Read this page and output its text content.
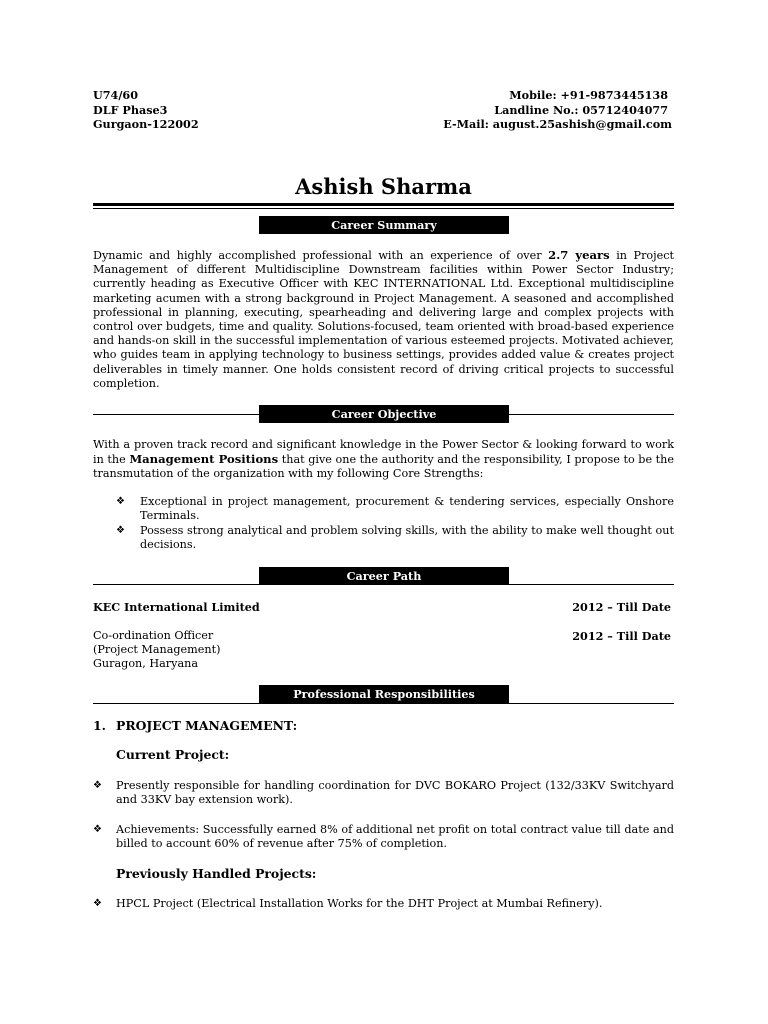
U74/60
DLF Phase3
Gurgaon-122002
Mobile: +91-9873445138
Landline No.: 05712404077
E-Mail: august.25ashish@gmail.com
Ashish Sharma
Career Summary

Dynamic and highly accomplished professional with an experience of over 2.7 years in Project Management of different Multidiscipline Downstream facilities within Power Sector Industry; currently heading as Executive Officer with KEC INTERNATIONAL Ltd. Exceptional multidiscipline marketing acumen with a strong background in Project Management. A seasoned and accomplished professional in planning, executing, spearheading and delivering large and complex projects with control over budgets, time and quality. Solutions-focused, team oriented with broad-based experience and hands-on skill in the successful implementation of various esteemed projects. Motivated achiever, who guides team in applying technology to business settings, provides added value & creates project deliverables in timely manner. One holds consistent record of driving critical projects to successful completion.

Career Objective

With a proven track record and significant knowledge in the Power Sector & looking forward to work in the Management Positions that give one the authority and the responsibility, I propose to be the transmutation of the organization with my following Core Strengths:

❖ Exceptional in project management, procurement & tendering services, especially Onshore Terminals.

❖ Possess strong analytical and problem solving skills, with the ability to make well thought out decisions.

Career Path
KEC International Limited	2012 – Till Date
Co-ordination Officer	2012 – Till Date
(Project Management)
Guragon, Haryana
Professional Responsibilities
1. PROJECT MANAGEMENT:
Current Project:
❖ Presently responsible for handling coordination for DVC BOKARO Project (132/33KV Switchyard and 33KV bay extension work).

❖ Achievements: Successfully earned 8% of additional net profit on total contract value till date and billed to account 60% of revenue after 75% of completion.

Previously Handled Projects:
❖ HPCL Project (Electrical Installation Works for the DHT Project at Mumbai Refinery).
